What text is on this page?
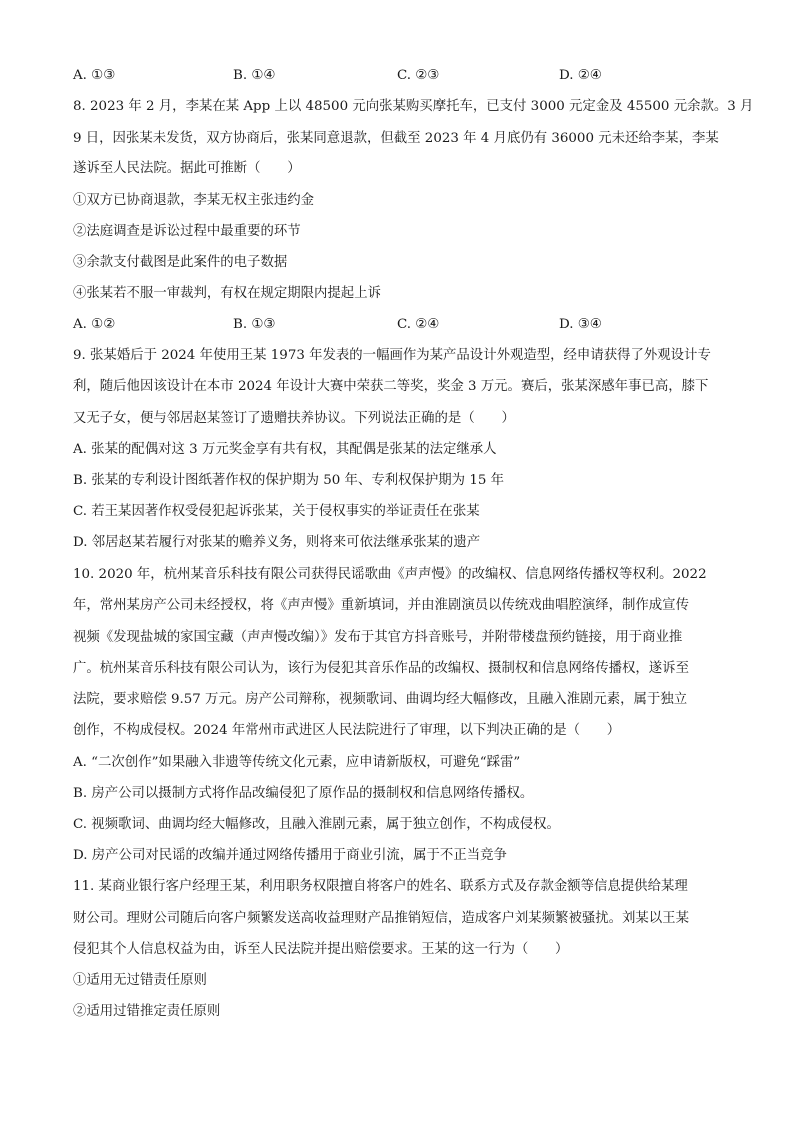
A. ①③	B. ①④	C. ②③	D. ②④
8. 2023 年 2 月，李某在某 App 上以 48500 元向张某购买摩托车，已支付 3000 元定金及 45500 元余款。3 月
9 日，因张某未发货，双方协商后，张某同意退款，但截至 2023 年 4 月底仍有 36000 元未还给李某，李某
遂诉至人民法院。据此可推断（　　）
①双方已协商退款，李某无权主张违约金
②法庭调查是诉讼过程中最重要的环节
③余款支付截图是此案件的电子数据
④张某若不服一审裁判，有权在规定期限内提起上诉
A. ①②	B. ①③	C. ②④	D. ③④
9. 张某婚后于 2024 年使用王某 1973 年发表的一幅画作为某产品设计外观造型，经申请获得了外观设计专
利，随后他因该设计在本市 2024 年设计大赛中荣获二等奖，奖金 3 万元。赛后，张某深感年事已高，膝下
又无子女，便与邻居赵某签订了遗赠扶养协议。下列说法正确的是（　　）
A. 张某的配偶对这 3 万元奖金享有共有权，其配偶是张某的法定继承人
B. 张某的专利设计图纸著作权的保护期为 50 年、专利权保护期为 15 年
C. 若王某因著作权受侵犯起诉张某，关于侵权事实的举证责任在张某
D. 邻居赵某若履行对张某的赡养义务，则将来可依法继承张某的遗产
10. 2020 年，杭州某音乐科技有限公司获得民谣歌曲《声声慢》的改编权、信息网络传播权等权利。2022
年，常州某房产公司未经授权，将《声声慢》重新填词，并由淮剧演员以传统戏曲唱腔演绎，制作成宣传
视频《发现盐城的家国宝藏（声声慢改编）》发布于其官方抖音账号，并附带楼盘预约链接，用于商业推
广。杭州某音乐科技有限公司认为，该行为侵犯其音乐作品的改编权、摄制权和信息网络传播权，遂诉至
法院，要求赔偿 9.57 万元。房产公司辩称，视频歌词、曲调均经大幅修改，且融入淮剧元素，属于独立
创作，不构成侵权。2024 年常州市武进区人民法院进行了审理，以下判决正确的是（　　）
A. “二次创作”如果融入非遗等传统文化元素，应申请新版权，可避免“踩雷”
B. 房产公司以摄制方式将作品改编侵犯了原作品的摄制权和信息网络传播权。
C. 视频歌词、曲调均经大幅修改，且融入淮剧元素，属于独立创作，不构成侵权。
D. 房产公司对民谣的改编并通过网络传播用于商业引流，属于不正当竞争
11. 某商业银行客户经理王某，利用职务权限擅自将客户的姓名、联系方式及存款金额等信息提供给某理
财公司。理财公司随后向客户频繁发送高收益理财产品推销短信，造成客户刘某频繁被骚扰。刘某以王某
侵犯其个人信息权益为由，诉至人民法院并提出赔偿要求。王某的这一行为（　　）
①适用无过错责任原则
②适用过错推定责任原则
